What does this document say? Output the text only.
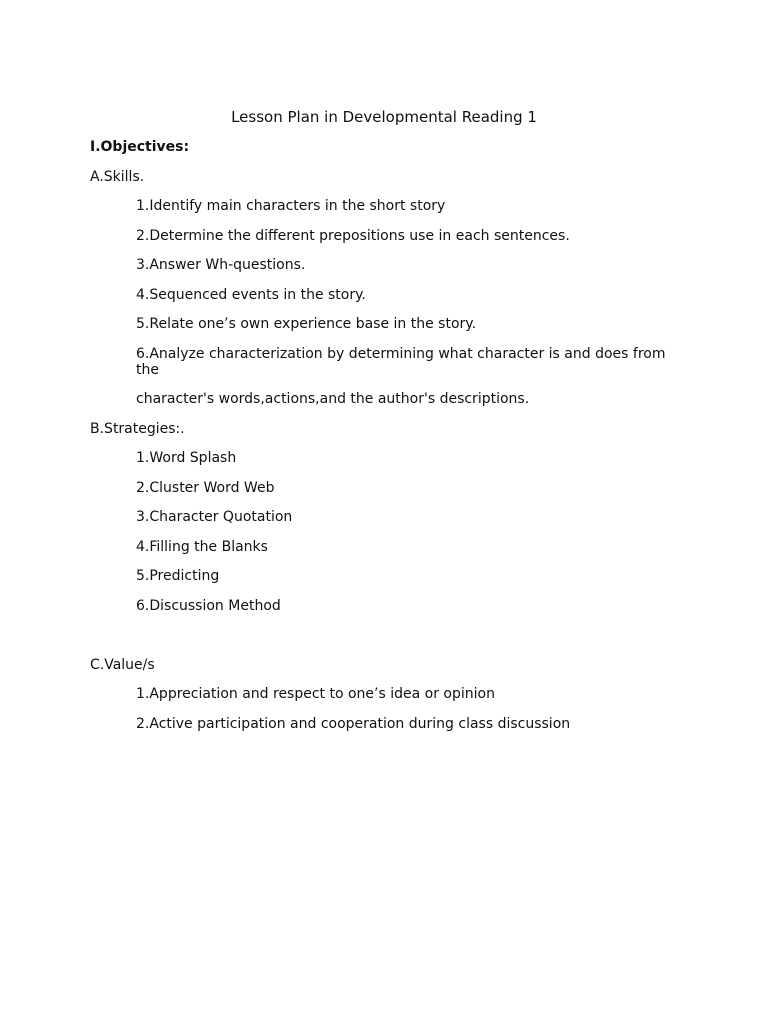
Lesson Plan in Developmental Reading 1
I.Objectives:
A.Skills.
1.Identify main characters in the short story
2.Determine the different prepositions use in each sentences.
3.Answer Wh-questions.
4.Sequenced events in the story.
5.Relate one’s own experience base in the story.
6.Analyze characterization by determining what character is and does from
the
character's words,actions,and the author's descriptions.
B.Strategies:.
1.Word Splash
2.Cluster Word Web
3.Character Quotation
4.Filling the Blanks
5.Predicting
6.Discussion Method
C.Value/s
1.Appreciation and respect to one’s idea or opinion
2.Active participation and cooperation during class discussion
